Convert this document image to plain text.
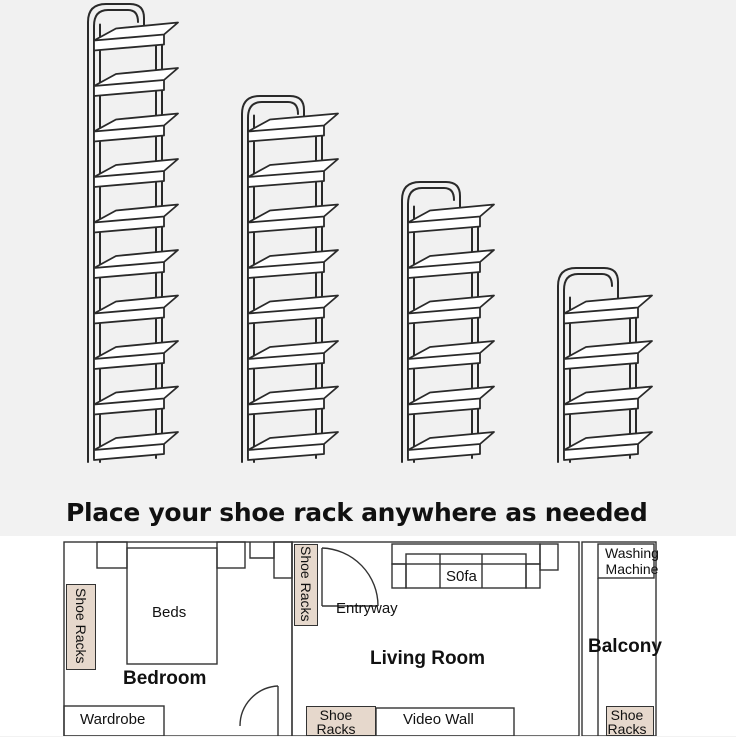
Place your shoe rack anywhere as needed
Shoe Racks	Beds
Bedroom
Wardrobe
Shoe Racks Entryway
S0fa
Living Room
Shoe
Racks
Video Wall
Washing
Machine
Balcony
Shoe
Racks
